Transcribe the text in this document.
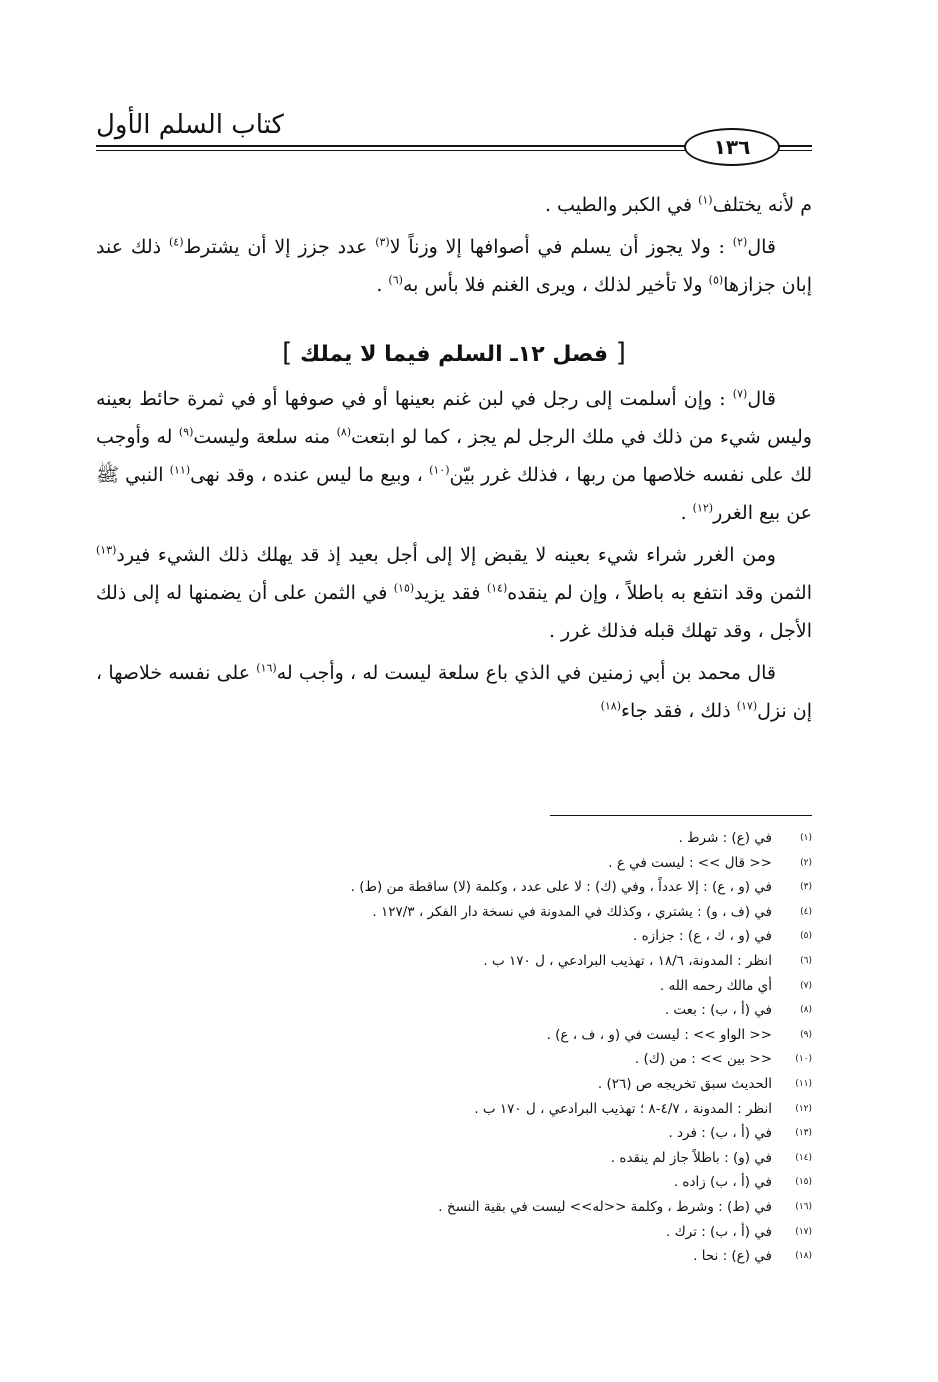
كتاب السلم الأول
١٣٦

م لأنه يختلف$^{(١)}$ في الكبر والطيب .

قال$^{(٢)}$ : ولا يجوز أن يسلم في أصوافها إلا وزناً لا$^{(٣)}$ عدد جزز إلا أن يشترط$^{(٤)}$ ذلك عند إبان جزازها$^{(٥)}$ ولا تأخير لذلك ، ويرى الغنم فلا بأس به$^{(٦)}$ .

[ فصل ١٢ـ السلم فيما لا يملك ]

قال$^{(٧)}$ : وإن أسلمت إلى رجل في لبن غنم بعينها أو في صوفها أو في ثمرة حائط بعينه وليس شيء من ذلك في ملك الرجل لم يجز ، كما لو ابتعت$^{(٨)}$ منه سلعة وليست$^{(٩)}$ له وأوجب لك على نفسه خلاصها من ربها ، فذلك غرر بيّن$^{(١٠)}$ ، وبيع ما ليس عنده ، وقد نهى$^{(١١)}$ النبي ﷺ عن بيع الغرر$^{(١٢)}$ .

ومن الغرر شراء شيء بعينه لا يقبض إلا إلى أجل بعيد إذ قد يهلك ذلك الشيء فيرد$^{(١٣)}$ الثمن وقد انتفع به باطلاً ، وإن لم ينقده$^{(١٤)}$ فقد يزيد$^{(١٥)}$ في الثمن على أن يضمنها له إلى ذلك الأجل ، وقد تهلك قبله فذلك غرر .

قال محمد بن أبي زمنين في الذي باع سلعة ليست له ، وأجب له$^{(١٦)}$ على نفسه خلاصها ، إن نزل$^{(١٧)}$ ذلك ، فقد جاء$^{(١٨)}$

(١)
في (ع) : شرط .
(٢)
<< قال >> : ليست في ع .
(٣)
في (و ، ع) : إلا عدداً ، وفي (ك) : لا على عدد ، وكلمة (لا) ساقطة من (ط) .
(٤)
في (ف ، و) : يشتري ، وكذلك في المدونة في نسخة دار الفكر ، ١٢٧/٣ .
(٥)
في (و ، ك ، ع) : جزازه .
(٦)
انظر : المدونة، ١٨/٦ ، تهذيب البرادعي ، ل ١٧٠ ب .
(٧)
أي مالك رحمه الله .
(٨)
في (أ ، ب) : بعت .
(٩)
<< الواو >> : ليست في (و ، ف ، ع) .
(١٠)
<< بين >> : من (ك) .
(١١)
الحديث سبق تخريجه ص (٢٦) .
(١٢)
انظر : المدونة ، ٤/٧-٨ ؛ تهذيب البرادعي ، ل ١٧٠ ب .
(١٣)
في (أ ، ب) : فرد .
(١٤)
في (و) : باطلاً جاز لم ينقده .
(١٥)
في (أ ، ب) زاده .
(١٦)
في (ط) : وشرط ، وكلمة <<له>> ليست في بقية النسخ .
(١٧)
في (أ ، ب) : ترك .
(١٨)
في (ع) : نحا .
